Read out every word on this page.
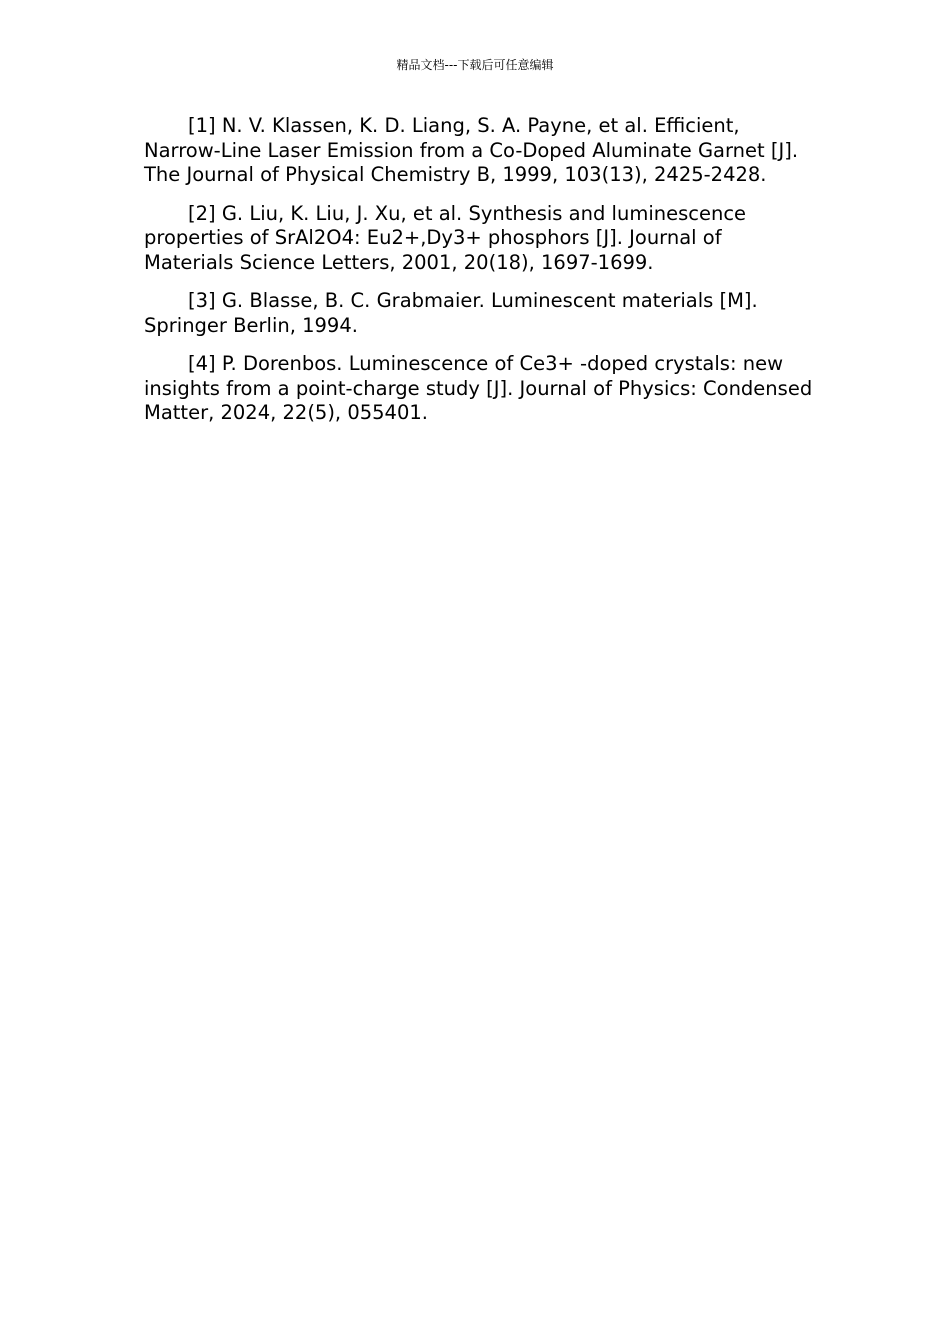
精品文档---下载后可任意编辑

[1] N. V. Klassen, K. D. Liang, S. A. Payne, et al. Efficient, Narrow-Line Laser Emission from a Co-Doped Aluminate Garnet [J]. The Journal of Physical Chemistry B, 1999, 103(13), 2425-2428.

[2] G. Liu, K. Liu, J. Xu, et al. Synthesis and luminescence properties of SrAl2O4: Eu2+,Dy3+ phosphors [J]. Journal of Materials Science Letters, 2001, 20(18), 1697-1699.

[3] G. Blasse, B. C. Grabmaier. Luminescent materials [M]. Springer Berlin, 1994.

[4] P. Dorenbos. Luminescence of Ce3+ -doped crystals: new insights from a point-charge study [J]. Journal of Physics: Condensed Matter, 2024, 22(5), 055401.
